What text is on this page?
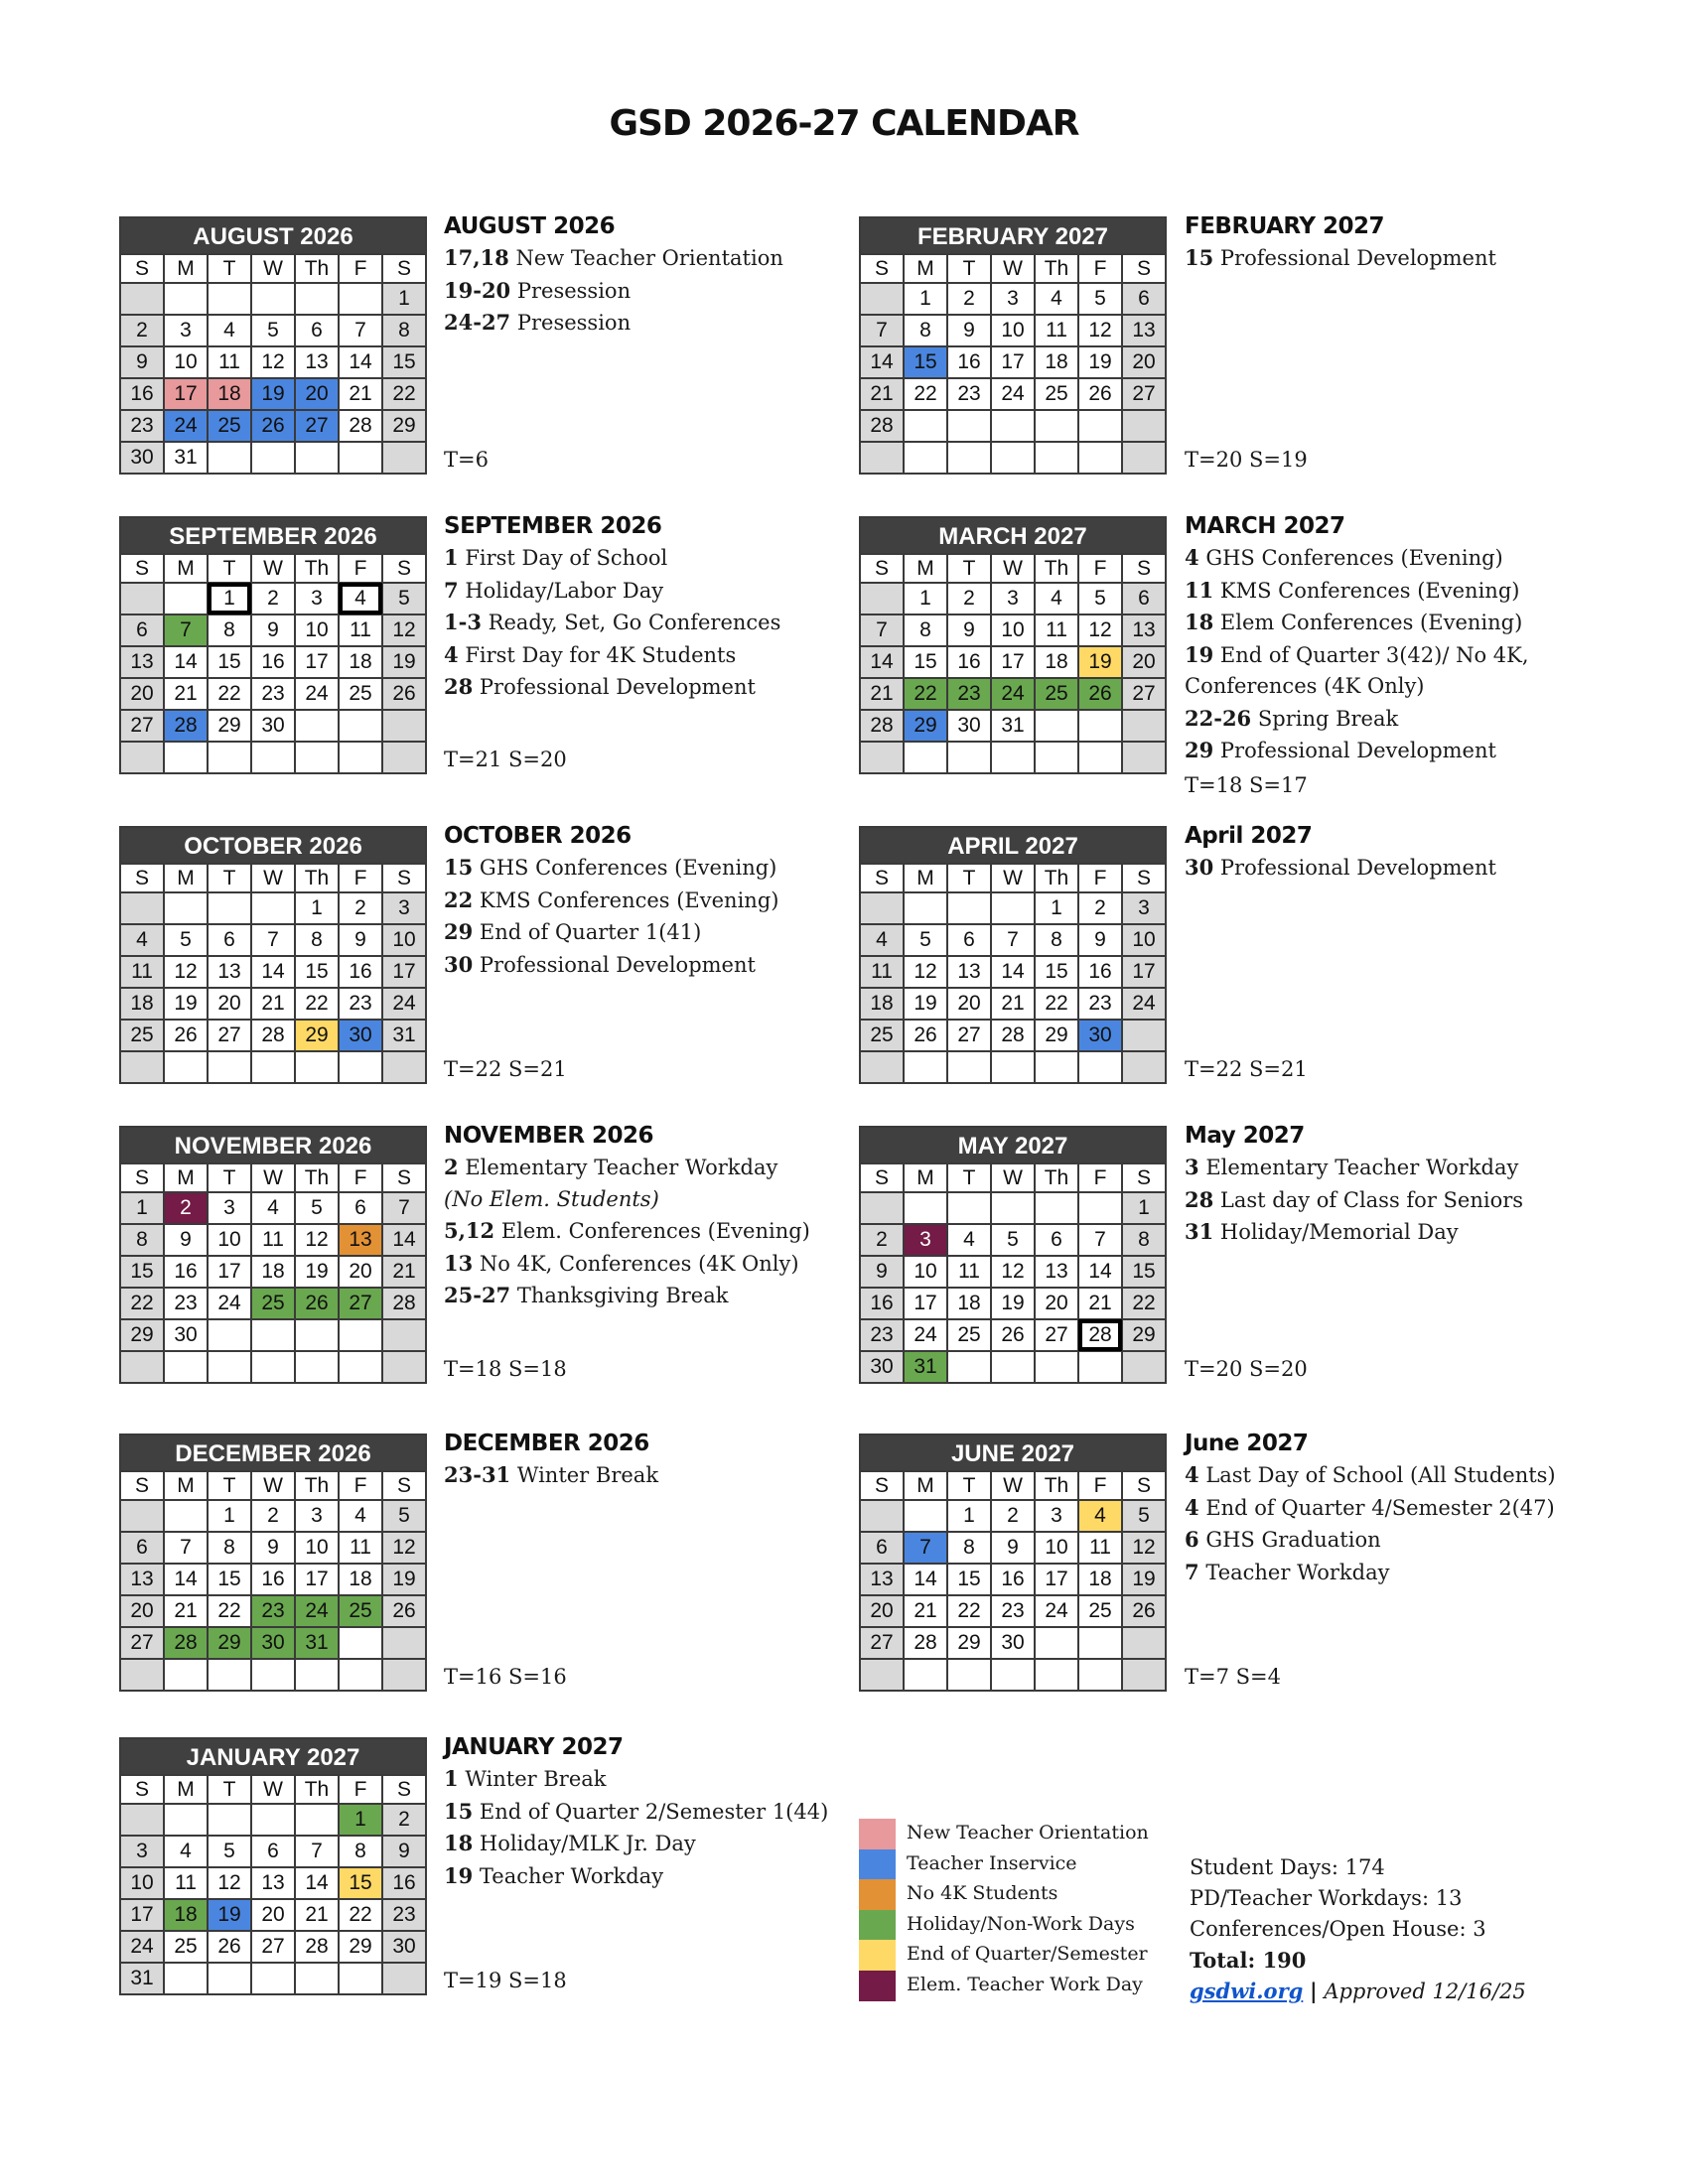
GSD 2026-27 CALENDAR
AUGUST 2026
S	M	T	W	Th	F	S
						1
2	3	4	5	6	7	8
9	10	11	12	13	14	15
16	17	18	19	20	21	22
23	24	25	26	27	28	29
30	31					
AUGUST 2026
17,18 New Teacher Orientation
19-20 Presession
24-27 Presession
T=6
SEPTEMBER 2026
S	M	T	W	Th	F	S
		1	2	3	4	5
6	7	8	9	10	11	12
13	14	15	16	17	18	19
20	21	22	23	24	25	26
27	28	29	30			

SEPTEMBER 2026
1 First Day of School
7 Holiday/Labor Day
1-3 Ready, Set, Go Conferences
4 First Day for 4K Students
28 Professional Development
T=21 S=20
OCTOBER 2026
S	M	T	W	Th	F	S
				1	2	3
4	5	6	7	8	9	10
11	12	13	14	15	16	17
18	19	20	21	22	23	24
25	26	27	28	29	30	31

OCTOBER 2026
15 GHS Conferences (Evening)
22 KMS Conferences (Evening)
29 End of Quarter 1(41)
30 Professional Development
T=22 S=21
NOVEMBER 2026
S	M	T	W	Th	F	S
1	2	3	4	5	6	7
8	9	10	11	12	13	14
15	16	17	18	19	20	21
22	23	24	25	26	27	28
29	30					

NOVEMBER 2026
2 Elementary Teacher Workday
(No Elem. Students)
5,12 Elem. Conferences (Evening)
13 No 4K, Conferences (4K Only)
25-27 Thanksgiving Break
T=18 S=18
DECEMBER 2026
S	M	T	W	Th	F	S
		1	2	3	4	5
6	7	8	9	10	11	12
13	14	15	16	17	18	19
20	21	22	23	24	25	26
27	28	29	30	31		

DECEMBER 2026
23-31 Winter Break
T=16 S=16
JANUARY 2027
S	M	T	W	Th	F	S
					1	2
3	4	5	6	7	8	9
10	11	12	13	14	15	16
17	18	19	20	21	22	23
24	25	26	27	28	29	30
31						
JANUARY 2027
1 Winter Break
15 End of Quarter 2/Semester 1(44)
18 Holiday/MLK Jr. Day
19 Teacher Workday
T=19 S=18
FEBRUARY 2027
S	M	T	W	Th	F	S
	1	2	3	4	5	6
7	8	9	10	11	12	13
14	15	16	17	18	19	20
21	22	23	24	25	26	27
28						

FEBRUARY 2027
15 Professional Development
T=20 S=19
MARCH 2027
S	M	T	W	Th	F	S
	1	2	3	4	5	6
7	8	9	10	11	12	13
14	15	16	17	18	19	20
21	22	23	24	25	26	27
28	29	30	31			

MARCH 2027
4 GHS Conferences (Evening)
11 KMS Conferences (Evening)
18 Elem Conferences (Evening)
19 End of Quarter 3(42)/ No 4K,
Conferences (4K Only)
22-26 Spring Break
29 Professional Development
T=18 S=17
APRIL 2027
S	M	T	W	Th	F	S
				1	2	3
4	5	6	7	8	9	10
11	12	13	14	15	16	17
18	19	20	21	22	23	24
25	26	27	28	29	30	

April 2027
30 Professional Development
T=22 S=21
MAY 2027
S	M	T	W	Th	F	S
						1
2	3	4	5	6	7	8
9	10	11	12	13	14	15
16	17	18	19	20	21	22
23	24	25	26	27	28	29
30	31					
May 2027
3 Elementary Teacher Workday
28 Last day of Class for Seniors
31 Holiday/Memorial Day
T=20 S=20
JUNE 2027
S	M	T	W	Th	F	S
		1	2	3	4	5
6	7	8	9	10	11	12
13	14	15	16	17	18	19
20	21	22	23	24	25	26
27	28	29	30			

June 2027
4 Last Day of School (All Students)
4 End of Quarter 4/Semester 2(47)
6 GHS Graduation
7 Teacher Workday
T=7 S=4
New Teacher Orientation
Teacher Inservice
No 4K Students
Holiday/Non-Work Days
End of Quarter/Semester
Elem. Teacher Work Day
Student Days: 174
PD/Teacher Workdays: 13
Conferences/Open House: 3
Total: 190
gsdwi.org | Approved 12/16/25
